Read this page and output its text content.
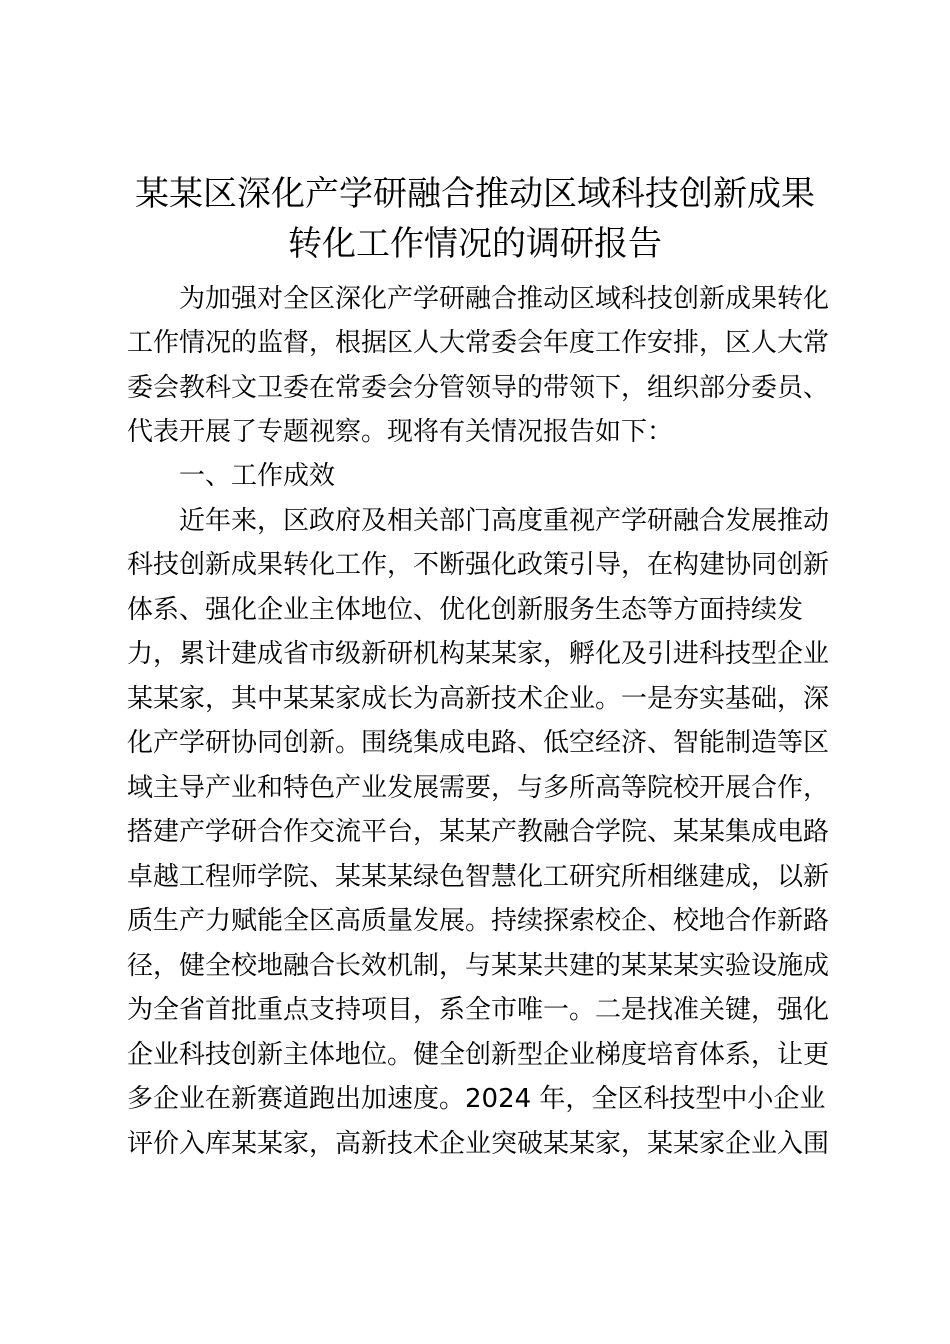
某某区深化产学研融合推动区域科技创新成果
转化工作情况的调研报告
为加强对全区深化产学研融合推动区域科技创新成果转化
工作情况的监督，根据区人大常委会年度工作安排，区人大常
委会教科文卫委在常委会分管领导的带领下，组织部分委员、
代表开展了专题视察。现将有关情况报告如下：
一、工作成效
近年来，区政府及相关部门高度重视产学研融合发展推动
科技创新成果转化工作，不断强化政策引导，在构建协同创新
体系、强化企业主体地位、优化创新服务生态等方面持续发
力，累计建成省市级新研机构某某家，孵化及引进科技型企业
某某家，其中某某家成长为高新技术企业。一是夯实基础，深
化产学研协同创新。围绕集成电路、低空经济、智能制造等区
域主导产业和特色产业发展需要，与多所高等院校开展合作，
搭建产学研合作交流平台，某某产教融合学院、某某集成电路
卓越工程师学院、某某某绿色智慧化工研究所相继建成，以新
质生产力赋能全区高质量发展。持续探索校企、校地合作新路
径，健全校地融合长效机制，与某某共建的某某某实验设施成
为全省首批重点支持项目，系全市唯一。二是找准关键，强化
企业科技创新主体地位。健全创新型企业梯度培育体系，让更
多企业在新赛道跑出加速度。2024 年，全区科技型中小企业
评价入库某某家，高新技术企业突破某某家，某某家企业入围
